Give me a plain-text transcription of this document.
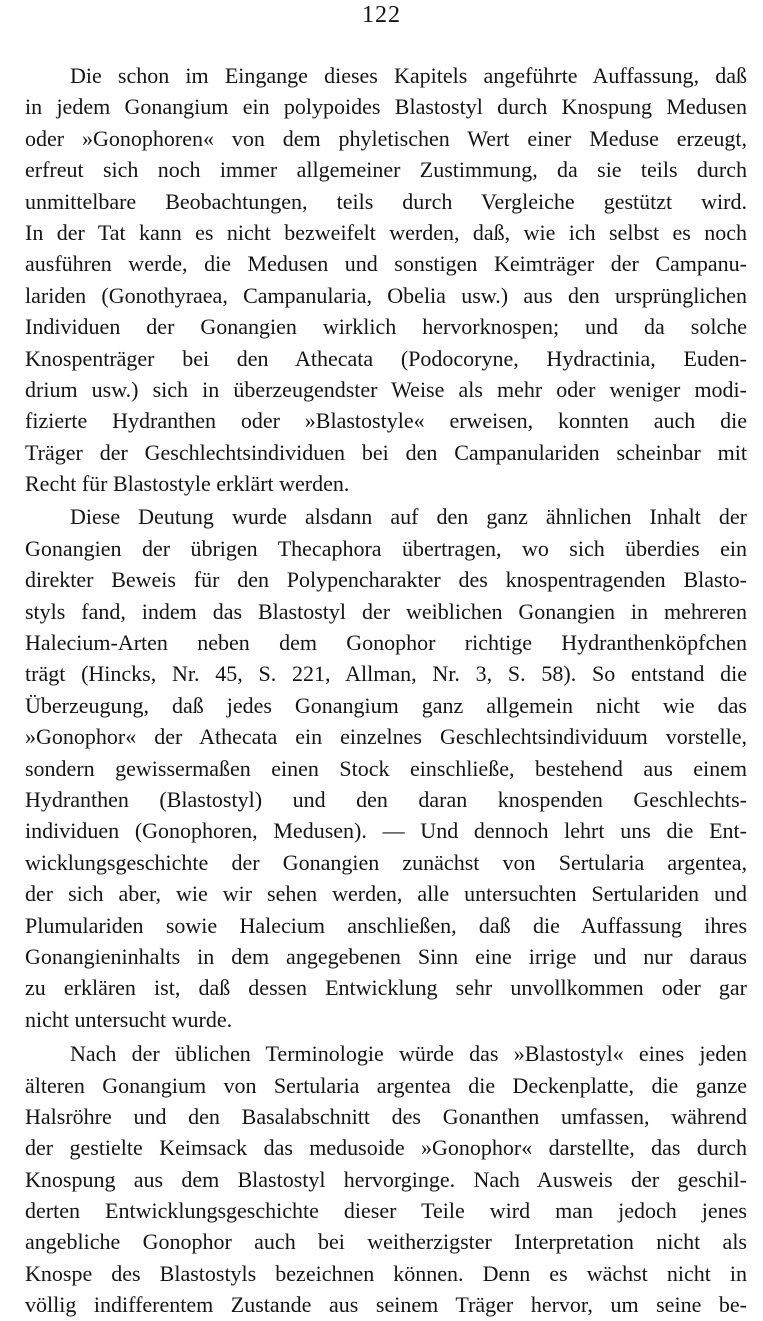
122
Die schon im Eingange dieses Kapitels angeführte Auffassung, daß
in jedem Gonangium ein polypoides Blastostyl durch Knospung Medusen
oder »Gonophoren« von dem phyletischen Wert einer Meduse erzeugt,
erfreut sich noch immer allgemeiner Zustimmung, da sie teils durch
unmittelbare Beobachtungen, teils durch Vergleiche gestützt wird.
In der Tat kann es nicht bezweifelt werden, daß, wie ich selbst es noch
ausführen werde, die Medusen und sonstigen Keimträger der Campanu-
lariden (Gonothyraea, Campanularia, Obelia usw.) aus den ursprünglichen
Individuen der Gonangien wirklich hervorknospen; und da solche
Knospenträger bei den Athecata (Podocoryne, Hydractinia, Euden-
drium usw.) sich in überzeugendster Weise als mehr oder weniger modi-
fizierte Hydranthen oder »Blastostyle« erweisen, konnten auch die
Träger der Geschlechtsindividuen bei den Campanulariden scheinbar mit
Recht für Blastostyle erklärt werden.
Diese Deutung wurde alsdann auf den ganz ähnlichen Inhalt der
Gonangien der übrigen Thecaphora übertragen, wo sich überdies ein
direkter Beweis für den Polypencharakter des knospentragenden Blasto-
styls fand, indem das Blastostyl der weiblichen Gonangien in mehreren
Halecium-Arten neben dem Gonophor richtige Hydranthenköpfchen
trägt (Hincks, Nr. 45, S. 221, Allman, Nr. 3, S. 58). So entstand die
Überzeugung, daß jedes Gonangium ganz allgemein nicht wie das
»Gonophor« der Athecata ein einzelnes Geschlechtsindividuum vorstelle,
sondern gewissermaßen einen Stock einschließe, bestehend aus einem
Hydranthen (Blastostyl) und den daran knospenden Geschlechts-
individuen (Gonophoren, Medusen). — Und dennoch lehrt uns die Ent-
wicklungsgeschichte der Gonangien zunächst von Sertularia argentea,
der sich aber, wie wir sehen werden, alle untersuchten Sertulariden und
Plumulariden sowie Halecium anschließen, daß die Auffassung ihres
Gonangieninhalts in dem angegebenen Sinn eine irrige und nur daraus
zu erklären ist, daß dessen Entwicklung sehr unvollkommen oder gar
nicht untersucht wurde.
Nach der üblichen Terminologie würde das »Blastostyl« eines jeden
älteren Gonangium von Sertularia argentea die Deckenplatte, die ganze
Halsröhre und den Basalabschnitt des Gonanthen umfassen, während
der gestielte Keimsack das medusoide »Gonophor« darstellte, das durch
Knospung aus dem Blastostyl hervorginge. Nach Ausweis der geschil-
derten Entwicklungsgeschichte dieser Teile wird man jedoch jenes
angebliche Gonophor auch bei weitherzigster Interpretation nicht als
Knospe des Blastostyls bezeichnen können. Denn es wächst nicht in
völlig indifferentem Zustande aus seinem Träger hervor, um seine be-
